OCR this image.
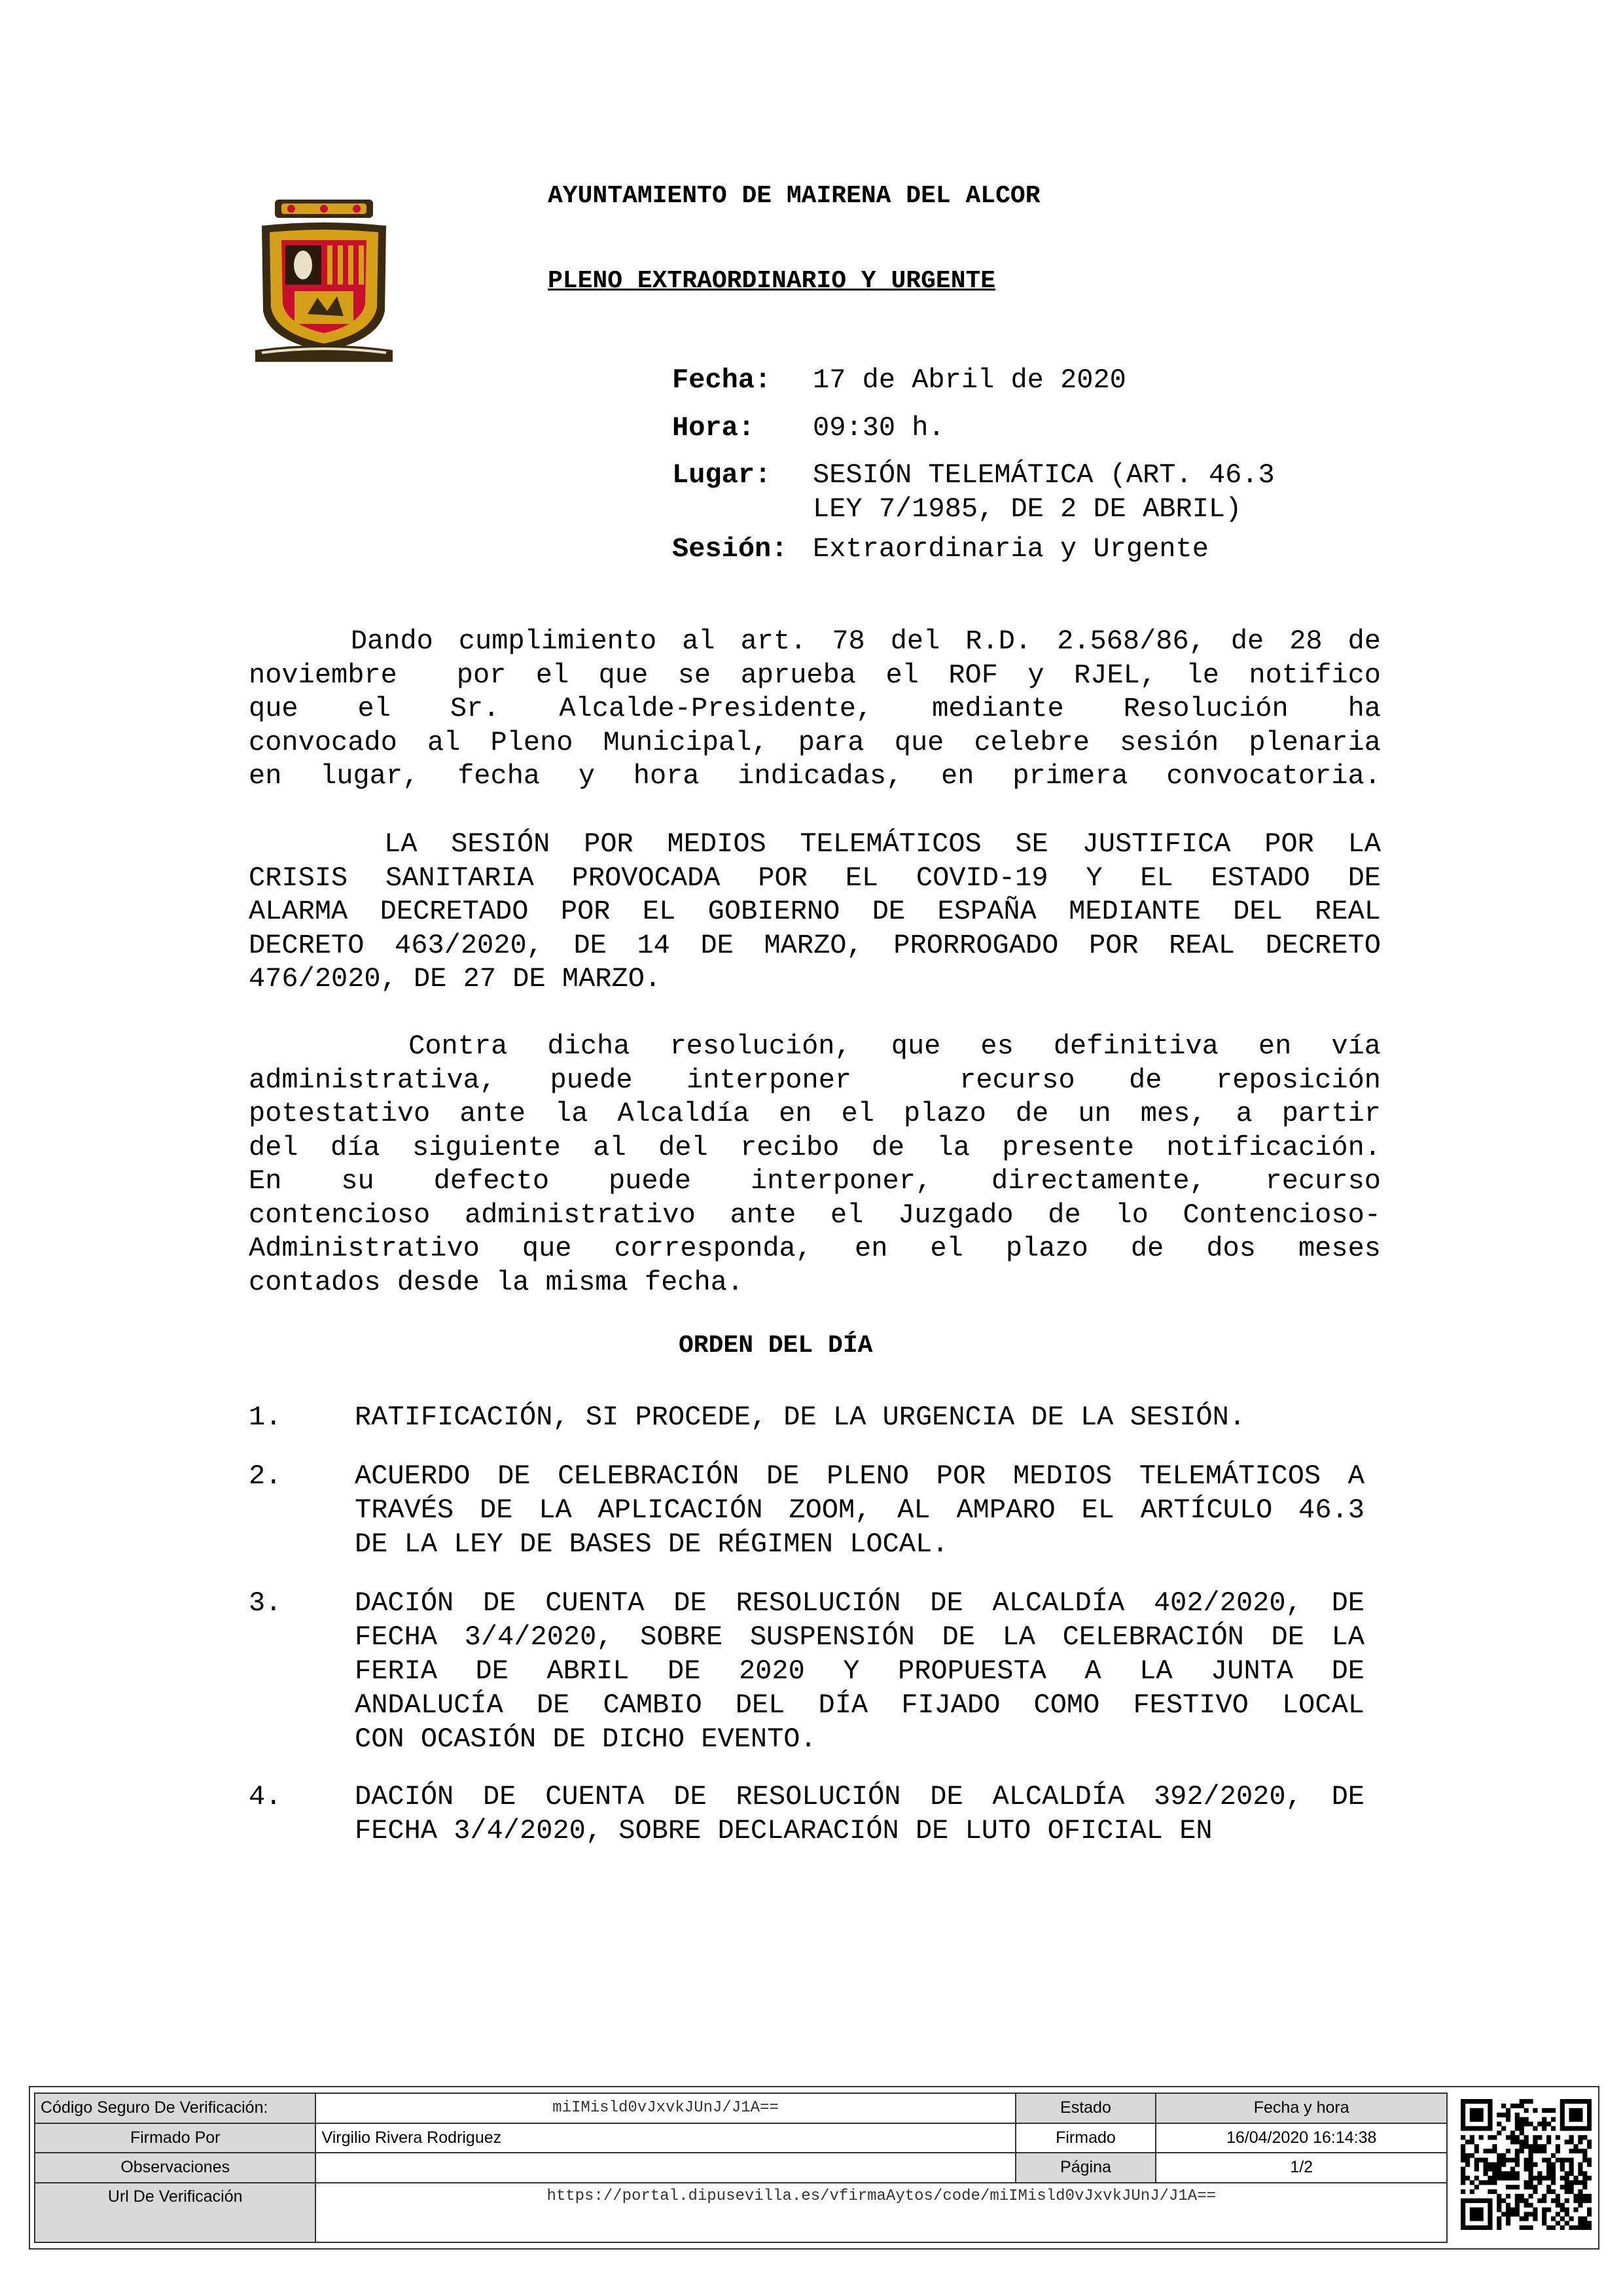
AYUNTAMIENTO DE MAIRENA DEL ALCOR
PLENO EXTRAORDINARIO Y URGENTE
Fecha: 17 de Abril de 2020
Hora: 09:30 h.
Lugar: SESIÓN TELEMÁTICA (ART. 46.3
LEY 7/1985, DE 2 DE ABRIL)
Sesión: Extraordinaria y Urgente
Dando cumplimiento al art. 78 del R.D. 2.568/86, de 28 de
noviembre  por el que se aprueba el ROF y RJEL, le notifico
que el Sr. Alcalde-Presidente, mediante Resolución ha
convocado al Pleno Municipal, para que celebre sesión plenaria
en lugar, fecha y hora indicadas, en primera convocatoria.
LA SESIÓN POR MEDIOS TELEMÁTICOS SE JUSTIFICA POR LA
CRISIS SANITARIA PROVOCADA POR EL COVID-19 Y EL ESTADO DE
ALARMA DECRETADO POR EL GOBIERNO DE ESPAÑA MEDIANTE DEL REAL
DECRETO 463/2020, DE 14 DE MARZO, PRORROGADO POR REAL DECRETO
476/2020, DE 27 DE MARZO.
Contra dicha resolución, que es definitiva en vía
administrativa, puede interponer  recurso de reposición
potestativo ante la Alcaldía en el plazo de un mes, a partir
del día siguiente al del recibo de la presente notificación.
En su defecto puede interponer, directamente, recurso
contencioso administrativo ante el Juzgado de lo Contencioso-
Administrativo que corresponda, en el plazo de dos meses
contados desde la misma fecha.
ORDEN DEL DÍA
1.	RATIFICACIÓN, SI PROCEDE, DE LA URGENCIA DE LA SESIÓN.
2.	ACUERDO DE CELEBRACIÓN DE PLENO POR MEDIOS TELEMÁTICOS A
TRAVÉS DE LA APLICACIÓN ZOOM, AL AMPARO EL ARTÍCULO 46.3
DE LA LEY DE BASES DE RÉGIMEN LOCAL.
3.	DACIÓN DE CUENTA DE RESOLUCIÓN DE ALCALDÍA 402/2020, DE
FECHA 3/4/2020, SOBRE SUSPENSIÓN DE LA CELEBRACIÓN DE LA
FERIA DE ABRIL DE 2020 Y PROPUESTA A LA JUNTA DE
ANDALUCÍA DE CAMBIO DEL DÍA FIJADO COMO FESTIVO LOCAL
CON OCASIÓN DE DICHO EVENTO.
4.	DACIÓN DE CUENTA DE RESOLUCIÓN DE ALCALDÍA 392/2020, DE
FECHA 3/4/2020, SOBRE DECLARACIÓN DE LUTO OFICIAL EN
Código Seguro De Verificación:	miIMisld0vJxvkJUnJ/J1A==	Estado	Fecha y hora
Firmado Por	Virgilio Rivera Rodriguez	Firmado	16/04/2020 16:14:38
Observaciones		Página	1/2
Url De Verificación	https://portal.dipusevilla.es/vfirmaAytos/code/miIMisld0vJxvkJUnJ/J1A==		
